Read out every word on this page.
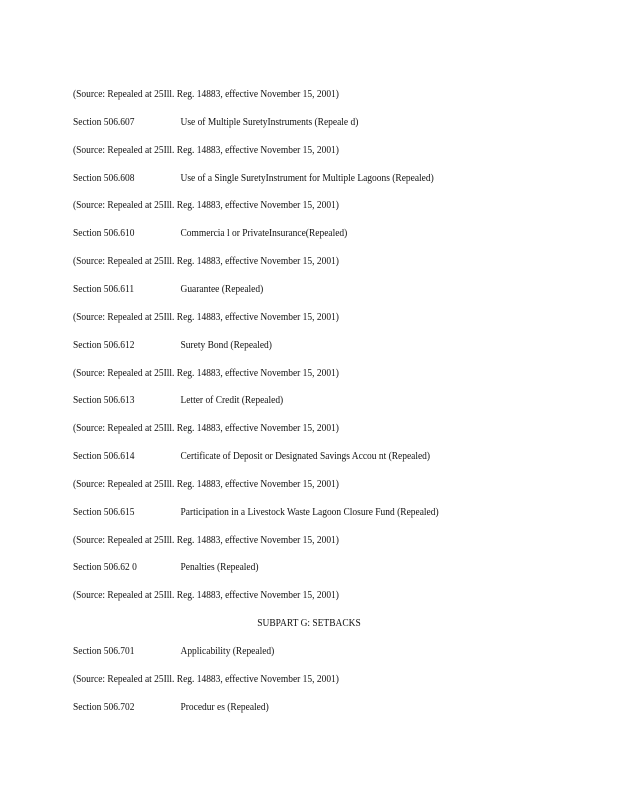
(Source: Repealed at 25Ill. Reg. 14883, effective November 15, 2001)
Section 506.607	Use of Multiple SuretyInstruments (Repeale d)
(Source: Repealed at 25Ill. Reg. 14883, effective November 15, 2001)
Section 506.608	Use of a Single SuretyInstrument for Multiple Lagoons (Repealed)
(Source: Repealed at 25Ill. Reg. 14883, effective November 15, 2001)
Section 506.610	Commercia l or PrivateInsurance(Repealed)
(Source: Repealed at 25Ill. Reg. 14883, effective November 15, 2001)
Section 506.611	Guarantee (Repealed)
(Source: Repealed at 25Ill. Reg. 14883, effective November 15, 2001)
Section 506.612	Surety Bond (Repealed)
(Source: Repealed at 25Ill. Reg. 14883, effective November 15, 2001)
Section 506.613	Letter of Credit (Repealed)
(Source: Repealed at 25Ill. Reg. 14883, effective November 15, 2001)
Section 506.614	Certificate of Deposit or Designated Savings Accou nt (Repealed)
(Source: Repealed at 25Ill. Reg. 14883, effective November 15, 2001)
Section 506.615	Participation in a Livestock Waste Lagoon Closure Fund (Repealed)
(Source: Repealed at 25Ill. Reg. 14883, effective November 15, 2001)
Section 506.62 0	Penalties (Repealed)
(Source: Repealed at 25Ill. Reg. 14883, effective November 15, 2001)
SUBPART G: SETBACKS
Section 506.701	Applicability (Repealed)
(Source: Repealed at 25Ill. Reg. 14883, effective November 15, 2001)
Section 506.702	Procedur es (Repealed)
